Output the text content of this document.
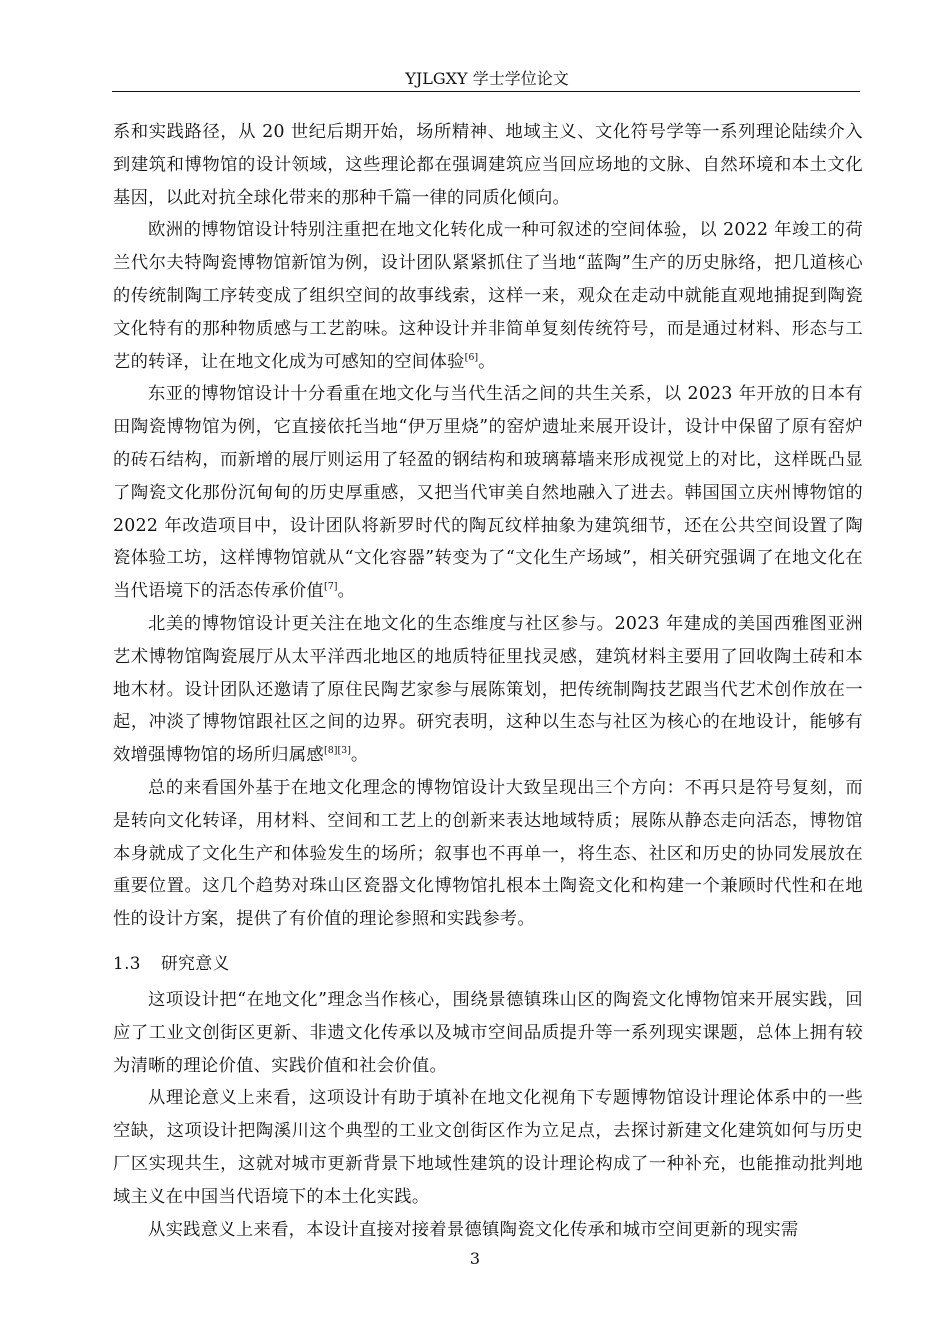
YJLGXY 学士学位论文

系和实践路径，从 20 世纪后期开始，场所精神、地域主义、文化符号学等一系列理论陆续介入到建筑和博物馆的设计领域，这些理论都在强调建筑应当回应场地的文脉、自然环境和本土文化基因，以此对抗全球化带来的那种千篇一律的同质化倾向。

欧洲的博物馆设计特别注重把在地文化转化成一种可叙述的空间体验，以 2022 年竣工的荷兰代尔夫特陶瓷博物馆新馆为例，设计团队紧紧抓住了当地“蓝陶”生产的历史脉络，把几道核心的传统制陶工序转变成了组织空间的故事线索，这样一来，观众在走动中就能直观地捕捉到陶瓷文化特有的那种物质感与工艺韵味。这种设计并非简单复刻传统符号，而是通过材料、形态与工艺的转译，让在地文化成为可感知的空间体验[6]。

东亚的博物馆设计十分看重在地文化与当代生活之间的共生关系，以 2023 年开放的日本有田陶瓷博物馆为例，它直接依托当地“伊万里烧”的窑炉遗址来展开设计，设计中保留了原有窑炉的砖石结构，而新增的展厅则运用了轻盈的钢结构和玻璃幕墙来形成视觉上的对比，这样既凸显了陶瓷文化那份沉甸甸的历史厚重感，又把当代审美自然地融入了进去。韩国国立庆州博物馆的 2022 年改造项目中，设计团队将新罗时代的陶瓦纹样抽象为建筑细节，还在公共空间设置了陶瓷体验工坊，这样博物馆就从“文化容器”转变为了“文化生产场域”，相关研究强调了在地文化在当代语境下的活态传承价值[7]。

北美的博物馆设计更关注在地文化的生态维度与社区参与。2023 年建成的美国西雅图亚洲艺术博物馆陶瓷展厅从太平洋西北地区的地质特征里找灵感，建筑材料主要用了回收陶土砖和本地木材。设计团队还邀请了原住民陶艺家参与展陈策划，把传统制陶技艺跟当代艺术创作放在一起，冲淡了博物馆跟社区之间的边界。研究表明，这种以生态与社区为核心的在地设计，能够有效增强博物馆的场所归属感[8][3]。

总的来看国外基于在地文化理念的博物馆设计大致呈现出三个方向：不再只是符号复刻，而是转向文化转译，用材料、空间和工艺上的创新来表达地域特质；展陈从静态走向活态，博物馆本身就成了文化生产和体验发生的场所；叙事也不再单一，将生态、社区和历史的协同发展放在重要位置。这几个趋势对珠山区瓷器文化博物馆扎根本土陶瓷文化和构建一个兼顾时代性和在地性的设计方案，提供了有价值的理论参照和实践参考。

1.3 研究意义

这项设计把“在地文化”理念当作核心，围绕景德镇珠山区的陶瓷文化博物馆来开展实践，回应了工业文创街区更新、非遗文化传承以及城市空间品质提升等一系列现实课题，总体上拥有较为清晰的理论价值、实践价值和社会价值。

从理论意义上来看，这项设计有助于填补在地文化视角下专题博物馆设计理论体系中的一些空缺，这项设计把陶溪川这个典型的工业文创街区作为立足点，去探讨新建文化建筑如何与历史厂区实现共生，这就对城市更新背景下地域性建筑的设计理论构成了一种补充，也能推动批判地域主义在中国当代语境下的本土化实践。

从实践意义上来看，本设计直接对接着景德镇陶瓷文化传承和城市空间更新的现实需

3
